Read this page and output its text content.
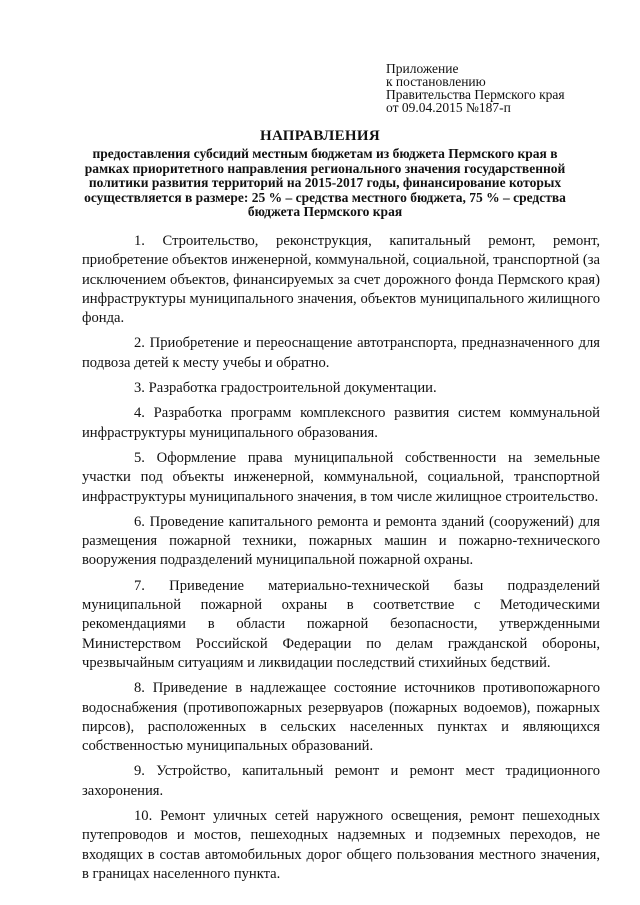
Приложение
к постановлению
Правительства Пермского края
от 09.04.2015 №187-п
НАПРАВЛЕНИЯ
предоставления субсидий местным бюджетам из бюджета Пермского края в рамках приоритетного направления регионального значения государственной политики развития территорий на 2015-2017 годы, финансирование которых осуществляется в размере: 25 % – средства местного бюджета, 75 % – средства бюджета Пермского края

1. Строительство, реконструкция, капитальный ремонт, ремонт, приобретение объектов инженерной, коммунальной, социальной, транспортной (за исключением объектов, финансируемых за счет дорожного фонда Пермского края) инфраструктуры муниципального значения, объектов муниципального жилищного фонда.

2. Приобретение и переоснащение автотранспорта, предназначенного для подвоза детей к месту учебы и обратно.

3. Разработка градостроительной документации.

4. Разработка программ комплексного развития систем коммунальной инфраструктуры муниципального образования.

5. Оформление права муниципальной собственности на земельные участки под объекты инженерной, коммунальной, социальной, транспортной инфраструктуры муниципального значения, в том числе жилищное строительство.

6. Проведение капитального ремонта и ремонта зданий (сооружений) для размещения пожарной техники, пожарных машин и пожарно-технического вооружения подразделений муниципальной пожарной охраны.

7. Приведение материально-технической базы подразделений муниципальной пожарной охраны в соответствие с Методическими рекомендациями в области пожарной безопасности, утвержденными Министерством Российской Федерации по делам гражданской обороны, чрезвычайным ситуациям и ликвидации последствий стихийных бедствий.

8. Приведение в надлежащее состояние источников противопожарного водоснабжения (противопожарных резервуаров (пожарных водоемов), пожарных пирсов), расположенных в сельских населенных пунктах и являющихся собственностью муниципальных образований.

9. Устройство, капитальный ремонт и ремонт мест традиционного захоронения.

10. Ремонт уличных сетей наружного освещения, ремонт пешеходных путепроводов и мостов, пешеходных надземных и подземных переходов, не входящих в состав автомобильных дорог общего пользования местного значения, в границах населенного пункта.
